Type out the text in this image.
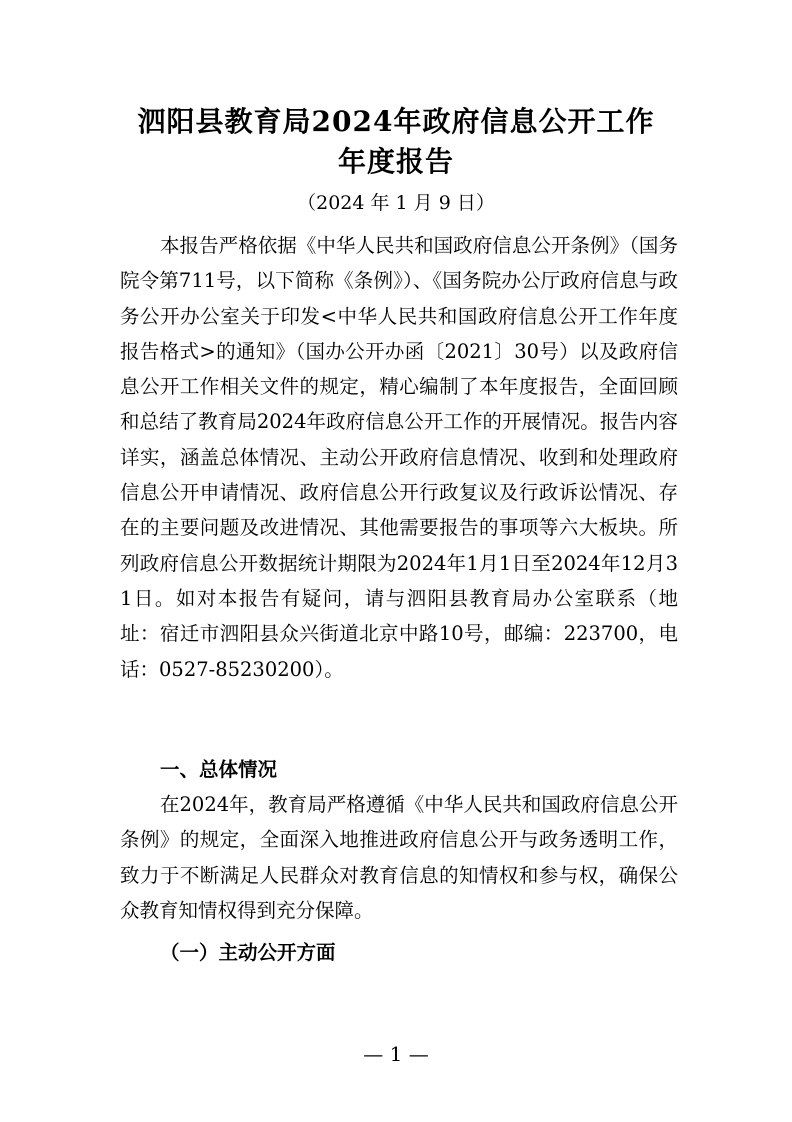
泗阳县教育局2024年政府信息公开工作
年度报告
（2024 年 1 月 9 日）

本报告严格依据《中华人民共和国政府信息公开条例》（国务院令第711号，以下简称《条例》）、《国务院办公厅政府信息与政务公开办公室关于印发<中华人民共和国政府信息公开工作年度报告格式>的通知》（国办公开办函〔2021〕30号）以及政府信息公开工作相关文件的规定，精心编制了本年度报告，全面回顾和总结了教育局2024年政府信息公开工作的开展情况。报告内容详实，涵盖总体情况、主动公开政府信息情况、收到和处理政府信息公开申请情况、政府信息公开行政复议及行政诉讼情况、存在的主要问题及改进情况、其他需要报告的事项等六大板块。所列政府信息公开数据统计期限为2024年1月1日至2024年12月31日。如对本报告有疑问，请与泗阳县教育局办公室联系（地址：宿迁市泗阳县众兴街道北京中路10号，邮编：223700，电话：0527-85230200）。

一、总体情况

在2024年，教育局严格遵循《中华人民共和国政府信息公开条例》的规定，全面深入地推进政府信息公开与政务透明工作，致力于不断满足人民群众对教育信息的知情权和参与权，确保公众教育知情权得到充分保障。

（一）主动公开方面
— 1 —
